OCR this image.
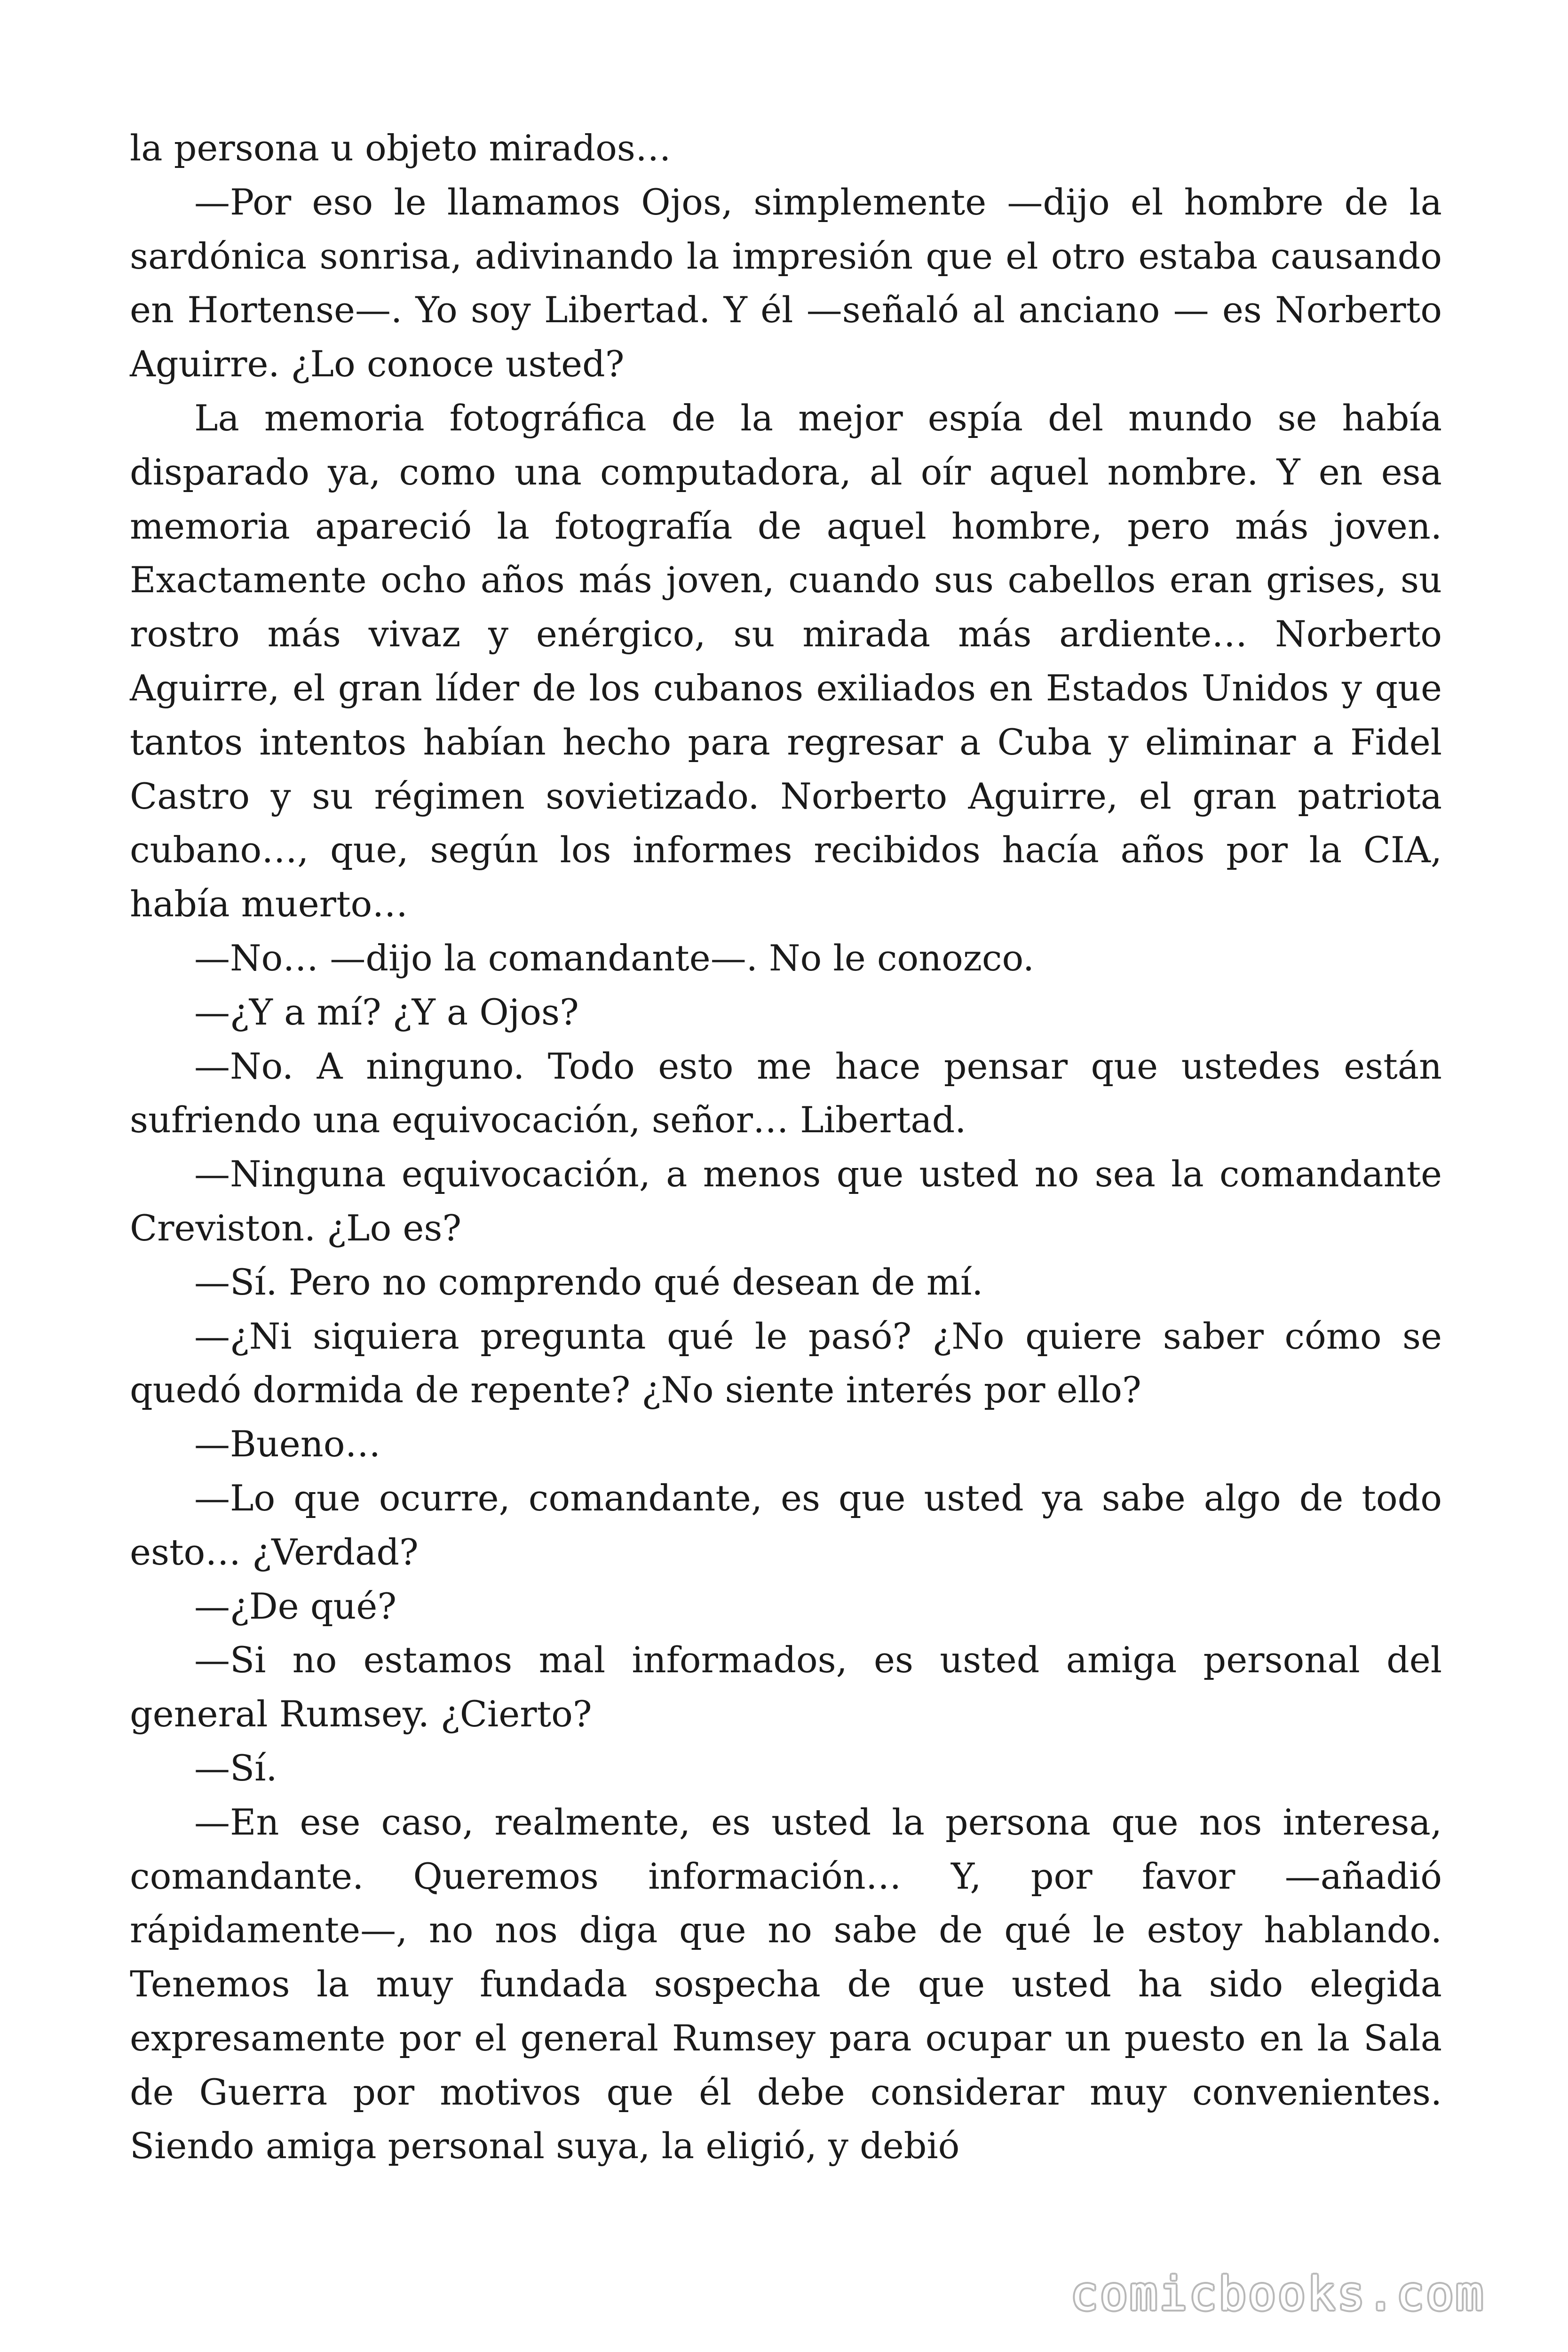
la persona u objeto mirados…

—Por eso le llamamos Ojos, simplemente —dijo el hombre de la sardónica sonrisa, adivinando la impresión que el otro estaba causando en Hortense—. Yo soy Libertad. Y él —señaló al anciano — es Norberto Aguirre. ¿Lo conoce usted?

La memoria fotográfica de la mejor espía del mundo se había disparado ya, como una computadora, al oír aquel nombre. Y en esa memoria apareció la fotografía de aquel hombre, pero más joven. Exactamente ocho años más joven, cuando sus cabellos eran grises, su rostro más vivaz y enérgico, su mirada más ardiente… Norberto Aguirre, el gran líder de los cubanos exiliados en Estados Unidos y que tantos intentos habían hecho para regresar a Cuba y eliminar a Fidel Castro y su régimen sovietizado. Norberto Aguirre, el gran patriota cubano…, que, según los informes recibidos hacía años por la CIA, había muerto…

—No… —dijo la comandante—. No le conozco.

—¿Y a mí? ¿Y a Ojos?

—No. A ninguno. Todo esto me hace pensar que ustedes están sufriendo una equivocación, señor… Libertad.

—Ninguna equivocación, a menos que usted no sea la comandante Creviston. ¿Lo es?

—Sí. Pero no comprendo qué desean de mí.

—¿Ni siquiera pregunta qué le pasó? ¿No quiere saber cómo se quedó dormida de repente? ¿No siente interés por ello?

—Bueno…

—Lo que ocurre, comandante, es que usted ya sabe algo de todo esto… ¿Verdad?

—¿De qué?

—Si no estamos mal informados, es usted amiga personal del general Rumsey. ¿Cierto?

—Sí.

—En ese caso, realmente, es usted la persona que nos interesa, comandante. Queremos información… Y, por favor —añadió rápidamente—, no nos diga que no sabe de qué le estoy hablando. Tenemos la muy fundada sospecha de que usted ha sido elegida expresamente por el general Rumsey para ocupar un puesto en la Sala de Guerra por motivos que él debe considerar muy convenientes. Siendo amiga personal suya, la eligió, y debió

comicbooks.com
